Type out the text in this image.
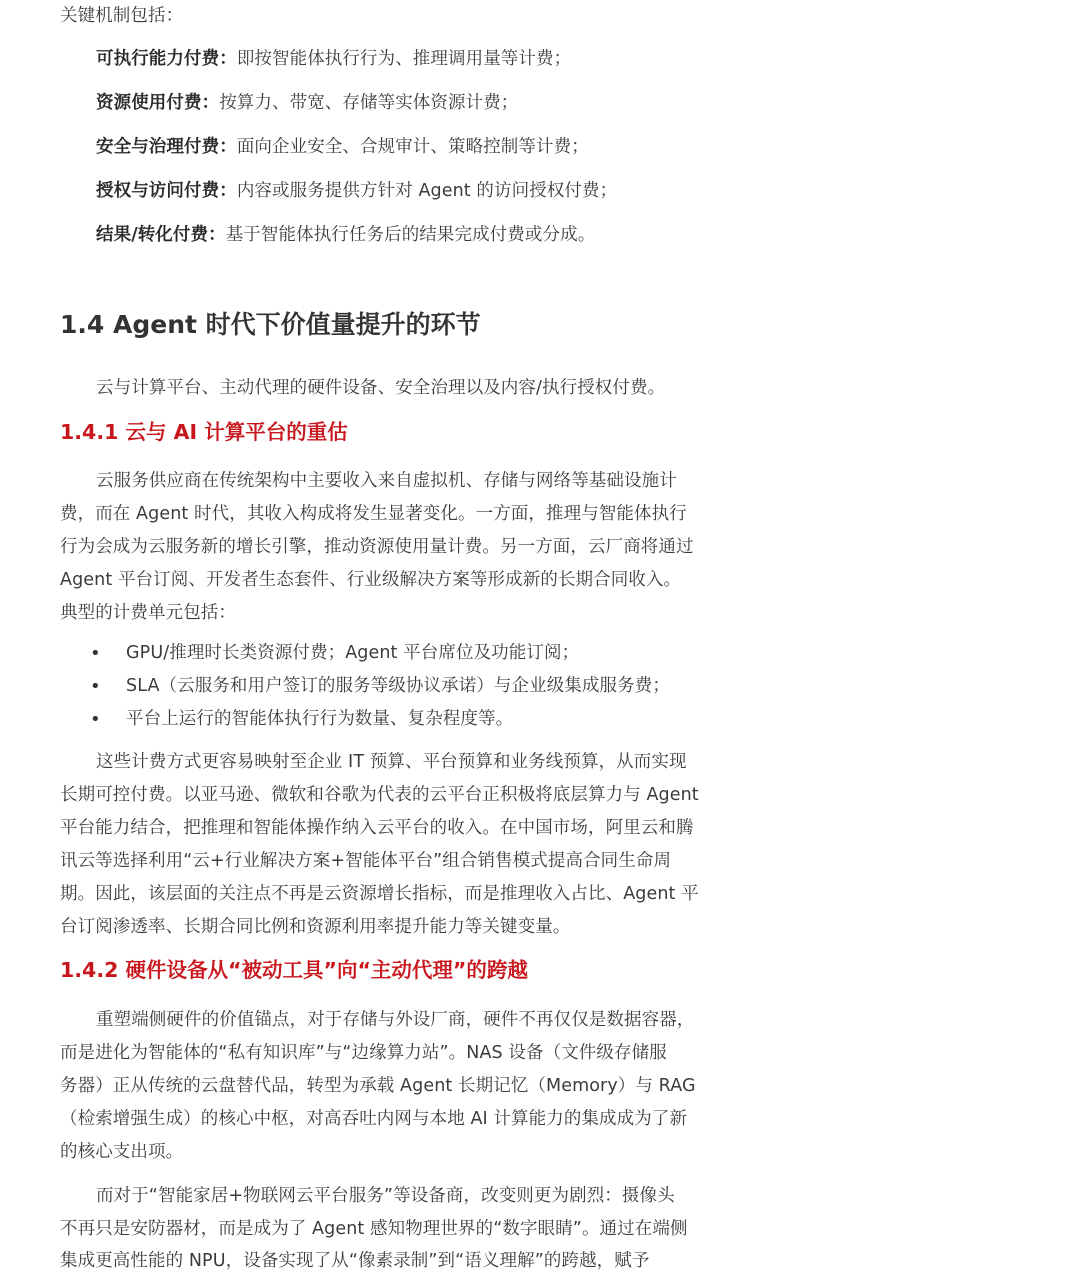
关键机制包括：
可执行能力付费：即按智能体执行行为、推理调用量等计费；
资源使用付费：按算力、带宽、存储等实体资源计费；
安全与治理付费：面向企业安全、合规审计、策略控制等计费；
授权与访问付费：内容或服务提供方针对 Agent 的访问授权付费；
结果/转化付费：基于智能体执行任务后的结果完成付费或分成。
1.4 Agent 时代下价值量提升的环节
云与计算平台、主动代理的硬件设备、安全治理以及内容/执行授权付费。
1.4.1 云与 AI 计算平台的重估
云服务供应商在传统架构中主要收入来自虚拟机、存储与网络等基础设施计
费，而在 Agent 时代，其收入构成将发生显著变化。一方面，推理与智能体执行
行为会成为云服务新的增长引擎，推动资源使用量计费。另一方面，云厂商将通过
Agent 平台订阅、开发者生态套件、行业级解决方案等形成新的长期合同收入。
典型的计费单元包括：
• GPU/推理时长类资源付费；Agent 平台席位及功能订阅；
• SLA（云服务和用户签订的服务等级协议承诺）与企业级集成服务费；
• 平台上运行的智能体执行行为数量、复杂程度等。
这些计费方式更容易映射至企业 IT 预算、平台预算和业务线预算，从而实现
长期可控付费。以亚马逊、微软和谷歌为代表的云平台正积极将底层算力与 Agent
平台能力结合，把推理和智能体操作纳入云平台的收入。在中国市场，阿里云和腾
讯云等选择利用“云+行业解决方案+智能体平台”组合销售模式提高合同生命周
期。因此，该层面的关注点不再是云资源增长指标，而是推理收入占比、Agent 平
台订阅渗透率、长期合同比例和资源利用率提升能力等关键变量。
1.4.2 硬件设备从“被动工具”向“主动代理”的跨越
重塑端侧硬件的价值锚点，对于存储与外设厂商，硬件不再仅仅是数据容器，
而是进化为智能体的“私有知识库”与“边缘算力站”。NAS 设备（文件级存储服
务器）正从传统的云盘替代品，转型为承载 Agent 长期记忆（Memory）与 RAG
（检索增强生成）的核心中枢，对高吞吐内网与本地 AI 计算能力的集成成为了新
的核心支出项。
而对于“智能家居+物联网云平台服务”等设备商，改变则更为剧烈：摄像头
不再只是安防器材，而是成为了 Agent 感知物理世界的“数字眼睛”。通过在端侧
集成更高性能的 NPU，设备实现了从“像素录制”到“语义理解”的跨越，赋予
